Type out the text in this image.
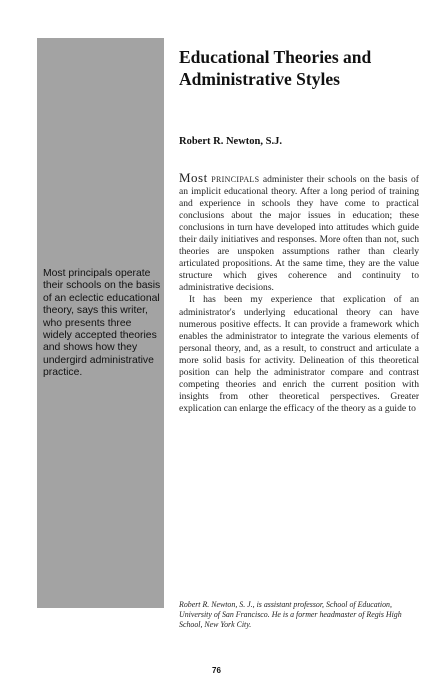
Most principals operate their schools on the basis of an eclectic educational theory, says this writer, who presents three widely accepted theories and shows how they undergird administrative practice.
Educational Theories and Administrative Styles

Robert R. Newton, S.J.

Most principals administer their schools on the basis of an implicit educational theory. After a long period of training and experience in schools they have come to practical conclusions about the major issues in education; these conclusions in turn have developed into attitudes which guide their daily initiatives and responses. More often than not, such theories are unspoken assumptions rather than clearly articulated propositions. At the same time, they are the value structure which gives coherence and continuity to administrative decisions.

It has been my experience that explication of an administrator's underlying educational theory can have numerous positive effects. It can provide a framework which enables the administrator to integrate the various elements of personal theory, and, as a result, to construct and articulate a more solid basis for activity. Delineation of this theoretical position can help the administrator compare and contrast competing theories and enrich the current position with insights from other theoretical perspectives. Greater explication can enlarge the efficacy of the theory as a guide to

Robert R. Newton, S. J., is assistant professor, School of Education, University of San Francisco. He is a former headmaster of Regis High School, New York City.
76
